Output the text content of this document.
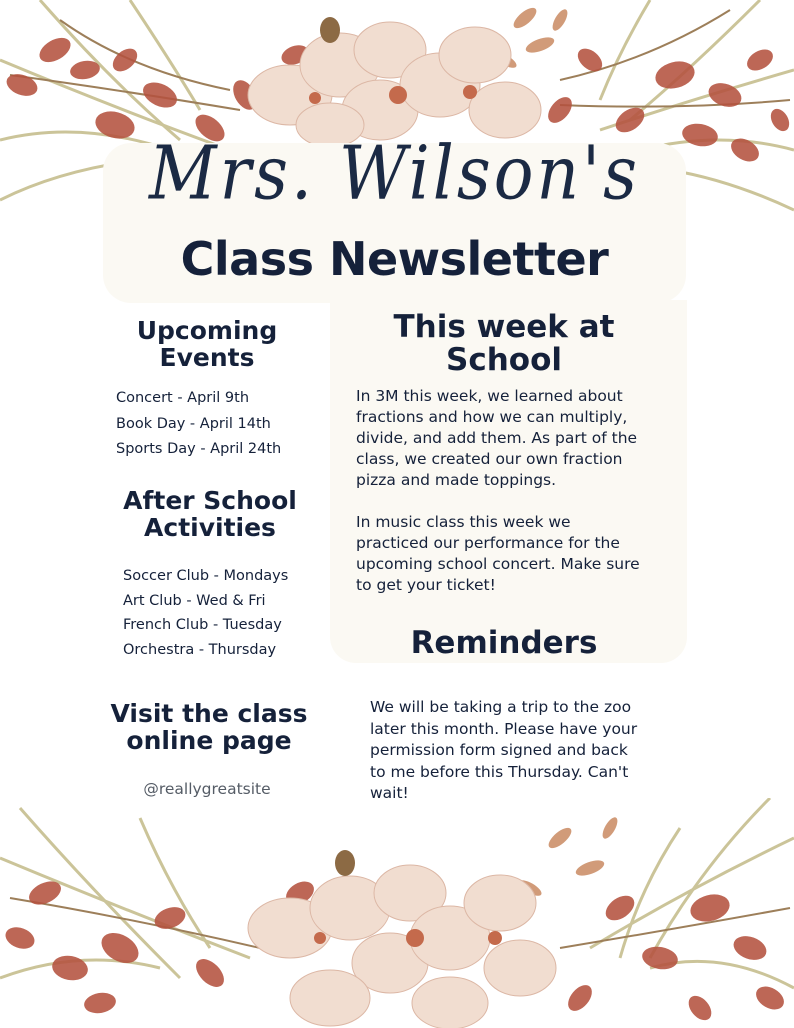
Mrs. Wilson's
Class Newsletter
Upcoming
Events
Concert - April 9th
Book Day - April 14th
Sports Day - April 24th
After School
Activities
Soccer Club - Mondays
Art Club - Wed & Fri
French Club - Tuesday
Orchestra - Thursday
Visit the class
online page
@reallygreatsite
This week at
School
In 3M this week, we learned about
fractions and how we can multiply,
divide, and add them. As part of the
class, we created our own fraction
pizza and made toppings.
In music class this week we
practiced our performance for the
upcoming school concert. Make sure
to get your ticket!
Reminders
We will be taking a trip to the zoo
later this month. Please have your
permission form signed and back
to me before this Thursday. Can't
wait!
